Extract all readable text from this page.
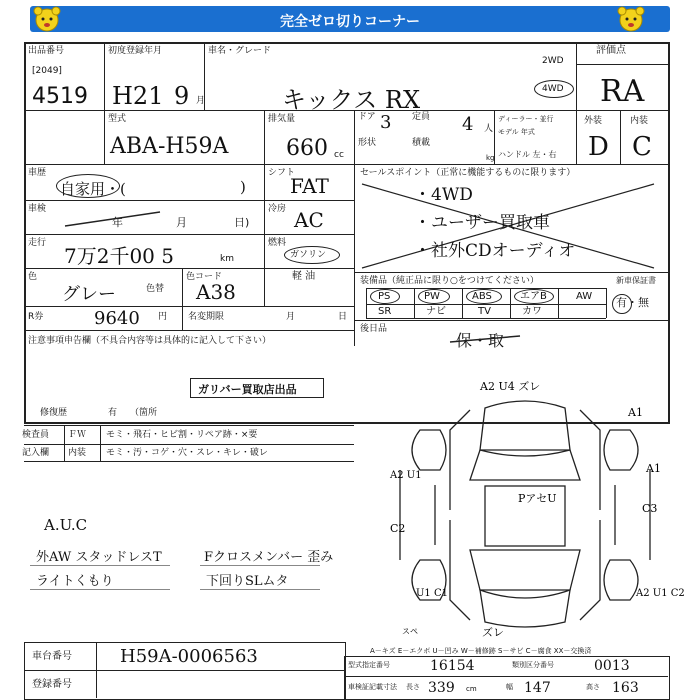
完全ゼロ切りコーナー
出品番号
[2049]
4519
初度登録年月
H21 9 月
車名・グレード
キックス RX
2WD
4WD
評価点
RA
外装	内装
D C
型式
ABA-H59A
排気量
660 cc
ドア 3
形状
定員 4 人
積載
kg
ディーラー・並行
モデル 年式
ハンドル 左・右
車歴
自家用・(	)
シフト
FAT
車検
年	月	日)
冷房 AC
走行
7万2千00 5	km
燃料
ガソリン
軽 油
色
グレー	色替
色コード
A38
R券	9640 円 名変期限	月	日
セールスポイント（正常に機能するものに限ります）
・4WD
・ユーザー買取車
・社外CDオーディオ
装備品（純正品に限り○をつけてください）	新車保証書
PS	PW	ABS	エアB	AW
SR	ナビ	TV	カワ
有・無
後日品
保・取
注意事項申告欄（不具合内容等は具体的に記入して下さい）
ガリバー買取店出品
修復歴	有 （箇所
検査員
記入欄
ＦＷ モミ・飛石・ヒビ割・リペア跡・×要
内装 モミ・汚・コゲ・穴・スレ・キレ・破レ
A.U.C
外AW スタッドレスT
ライトくもり
Fクロスメンバー 歪み
下回りSLムタ
A2 U4 ズレ
A1
A1
C3
A2 U1
C2
PアセU
U1 C1
スペ
A2 U1 C2
ズレ
A－キズ E－エクボ U－凹み W－補修跡 S－サビ C－腐食 XX－交換済
車台番号	H59A-0006563
登録番号
型式指定番号	16154	類別区分番号	0013
車検証記載寸法 長さ 339 cm	幅 147	高さ 163
